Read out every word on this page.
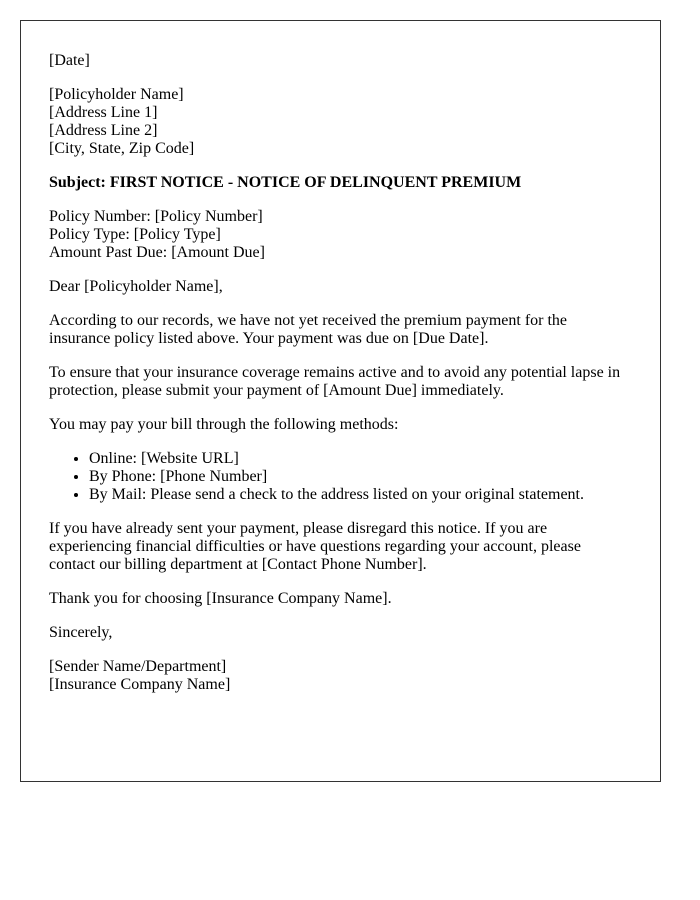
[Date]

[Policyholder Name]
[Address Line 1]
[Address Line 2]
[City, State, Zip Code]

Subject: FIRST NOTICE - NOTICE OF DELINQUENT PREMIUM

Policy Number: [Policy Number]
Policy Type: [Policy Type]
Amount Past Due: [Amount Due]

Dear [Policyholder Name],

According to our records, we have not yet received the premium payment for the insurance policy listed above. Your payment was due on [Due Date].

To ensure that your insurance coverage remains active and to avoid any potential lapse in protection, please submit your payment of [Amount Due] immediately.

You may pay your bill through the following methods:

• Online: [Website URL]
• By Phone: [Phone Number]
• By Mail: Please send a check to the address listed on your original statement.

If you have already sent your payment, please disregard this notice. If you are experiencing financial difficulties or have questions regarding your account, please contact our billing department at [Contact Phone Number].

Thank you for choosing [Insurance Company Name].

Sincerely,

[Sender Name/Department]
[Insurance Company Name]
